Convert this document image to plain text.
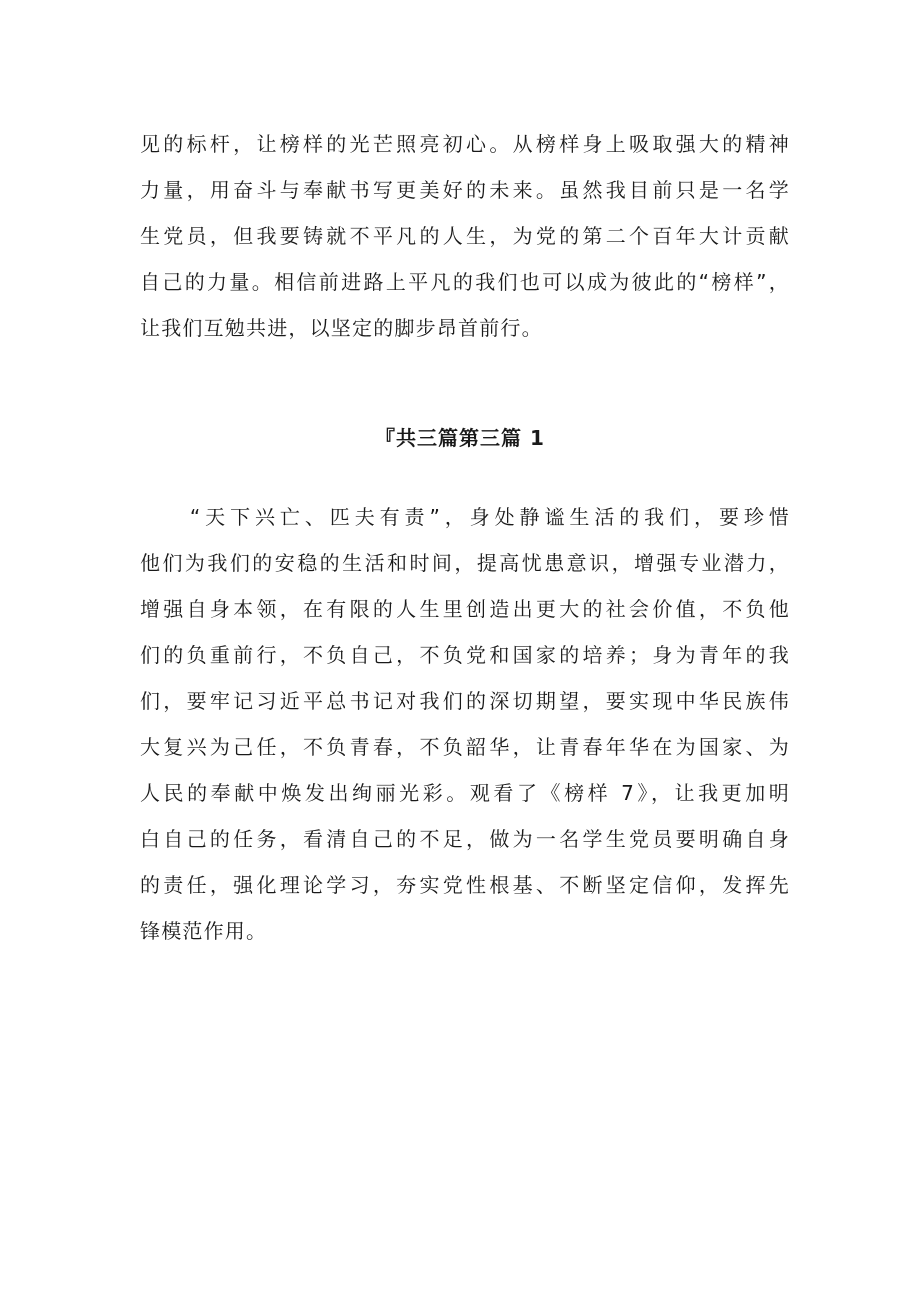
见的标杆，让榜样的光芒照亮初心。从榜样身上吸取强大的精神
力量，用奋斗与奉献书写更美好的未来。虽然我目前只是一名学
生党员，但我要铸就不平凡的人生，为党的第二个百年大计贡献
自己的力量。相信前进路上平凡的我们也可以成为彼此的“榜样”，
让我们互勉共进，以坚定的脚步昂首前行。
『共三篇第三篇 1
　　“天下兴亡、匹夫有责”，身处静谧生活的我们，要珍惜
他们为我们的安稳的生活和时间，提高忧患意识，增强专业潜力，
增强自身本领，在有限的人生里创造出更大的社会价值，不负他
们的负重前行，不负自己，不负党和国家的培养；身为青年的我
们，要牢记习近平总书记对我们的深切期望，要实现中华民族伟
大复兴为己任，不负青春，不负韶华，让青春年华在为国家、为
人民的奉献中焕发出绚丽光彩。观看了《榜样 7》，让我更加明
白自己的任务，看清自己的不足，做为一名学生党员要明确自身
的责任，强化理论学习，夯实党性根基、不断坚定信仰，发挥先
锋模范作用。
